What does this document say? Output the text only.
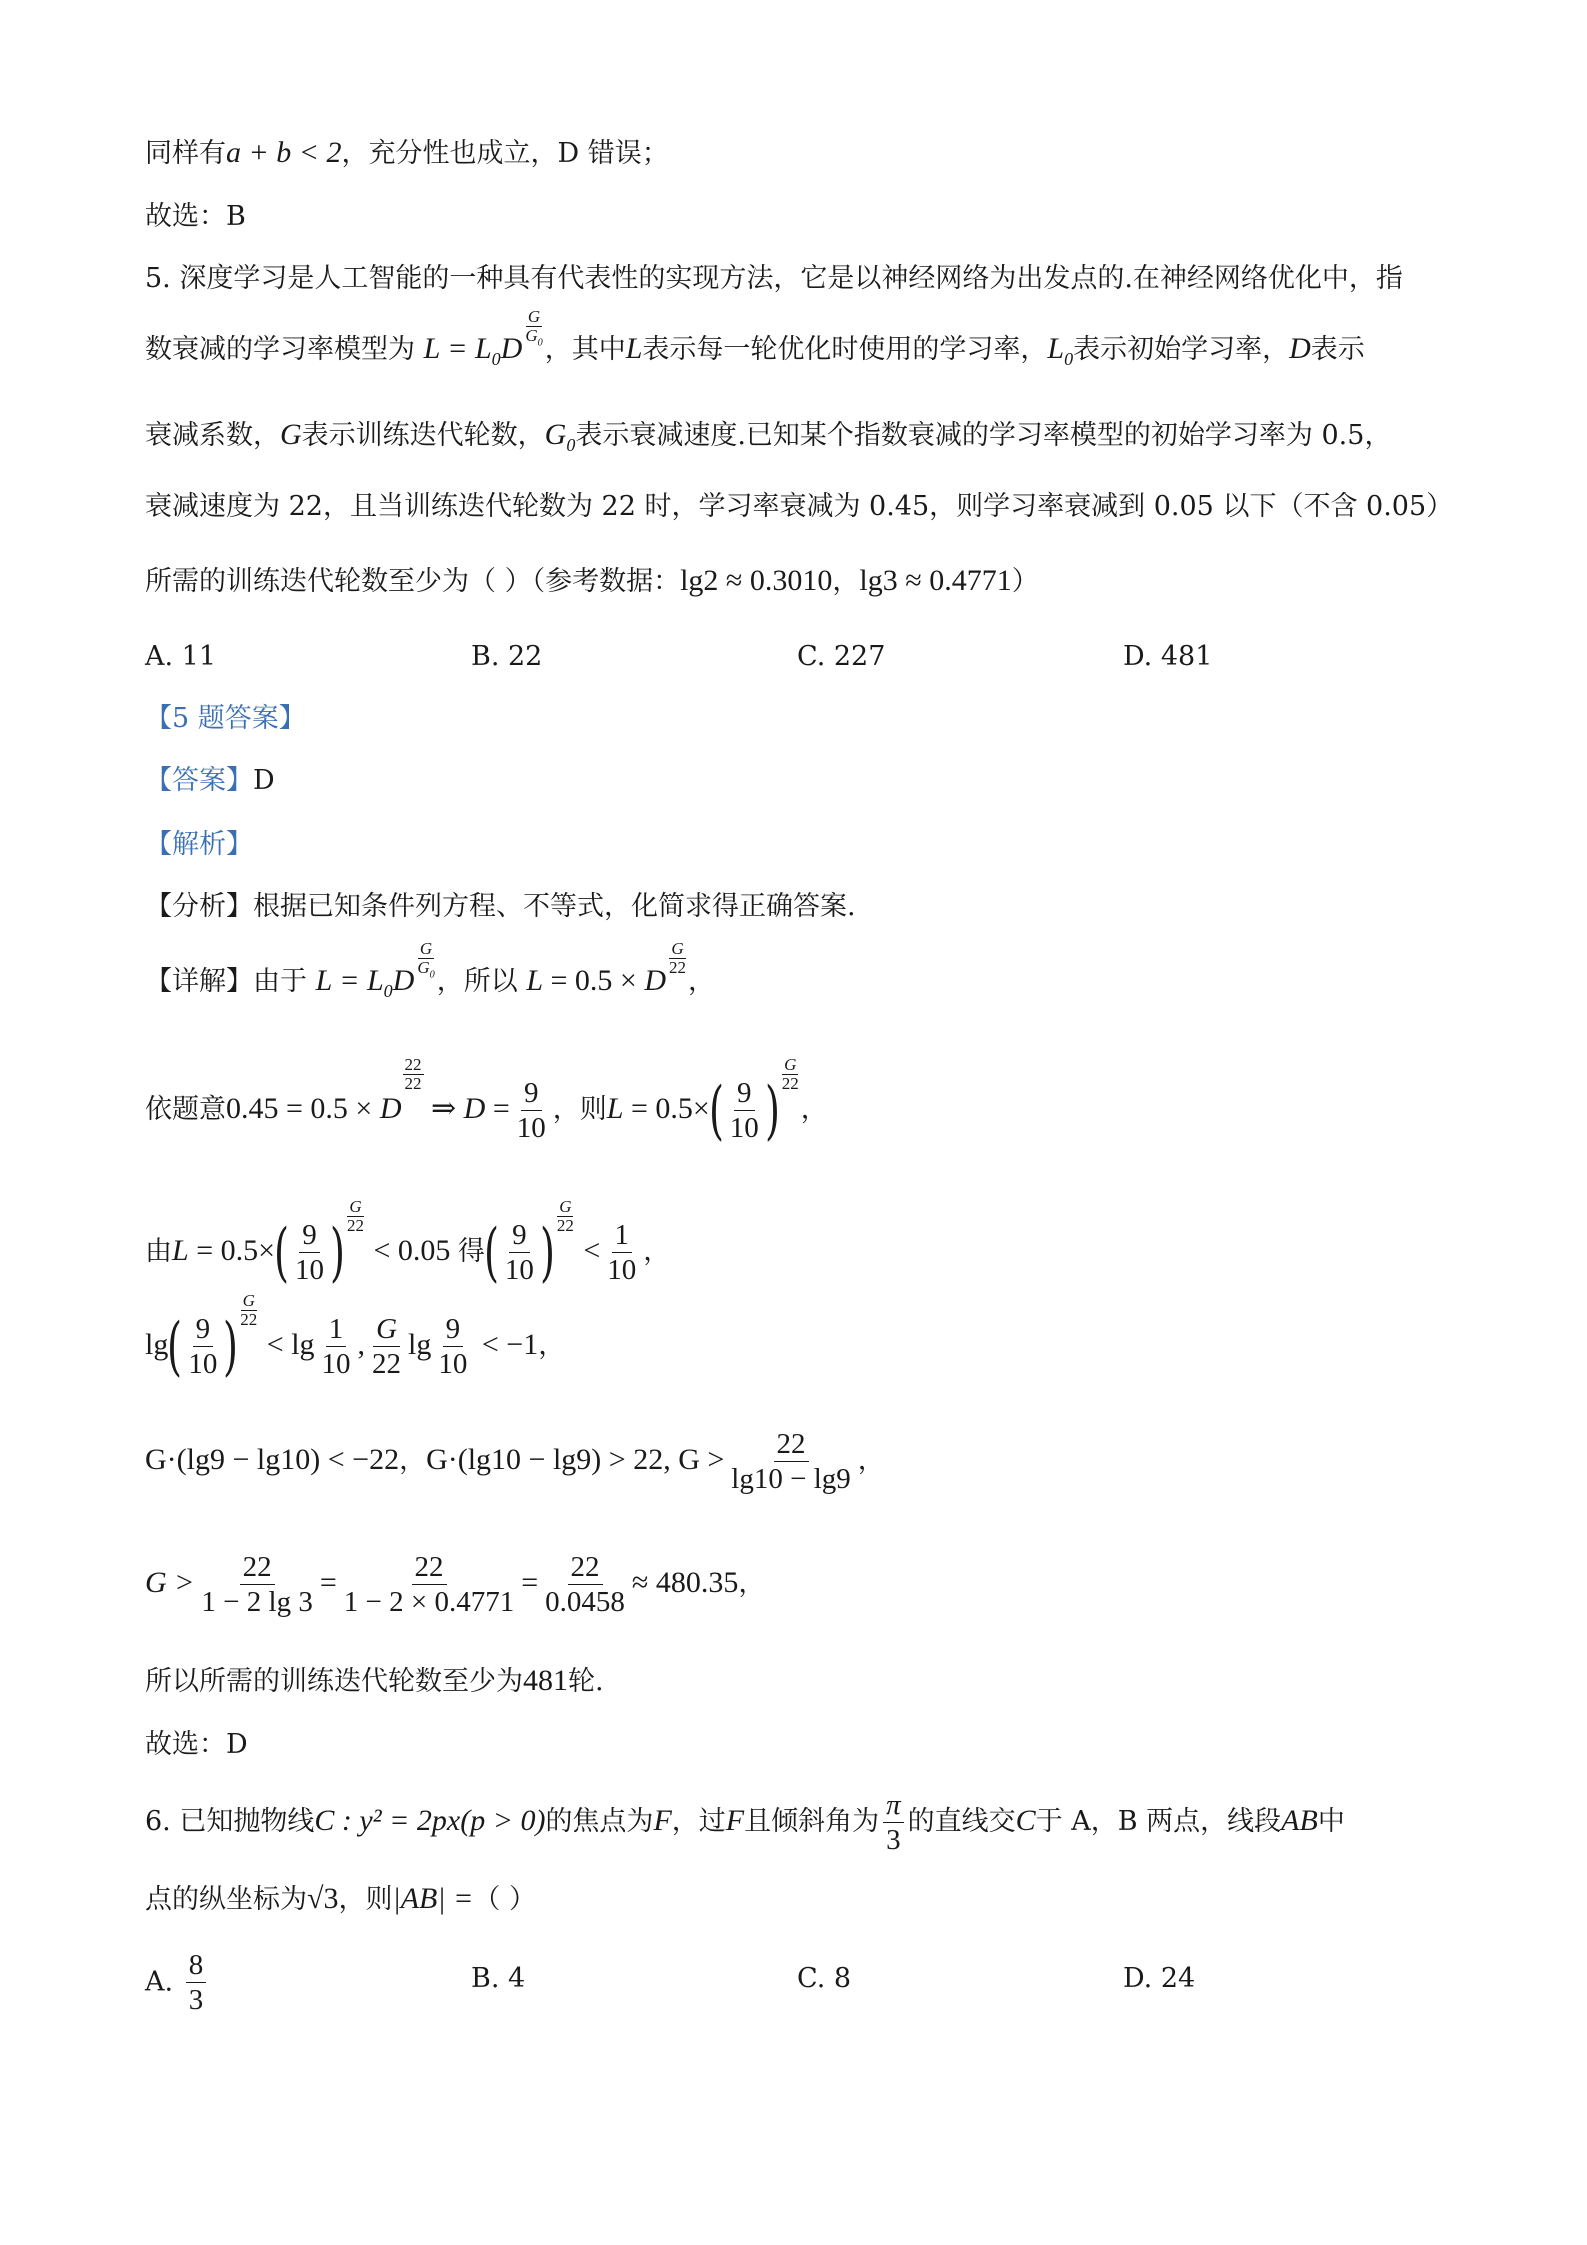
同样有a + b < 2，充分性也成立，D 错误；
故选：B
5. 深度学习是人工智能的一种具有代表性的实现方法，它是以神经网络为出发点的.在神经网络优化中，指
数衰减的学习率模型为 $L = L_0D$
$\frac{G}{G_0}$
，其中L表示每一轮优化时使用的学习率，$L_0$表示初始学习率，D表示
衰减系数，G表示训练迭代轮数，$G_0$表示衰减速度.已知某个指数衰减的学习率模型的初始学习率为 0.5，
衰减速度为 22，且当训练迭代轮数为 22 时，学习率衰减为 0.45，则学习率衰减到 0.05 以下（不含 0.05）
所需的训练迭代轮数至少为（ ）（参考数据：lg2 ≈ 0.3010，lg3 ≈ 0.4771）
A. 11	B. 22	C. 227	D. 481
【5 题答案】
【答案】D
【解析】
【分析】根据已知条件列方程、不等式，化简求得正确答案.
【详解】由于 $L = L_0D$
$\frac{G}{G_0}$
，所以 L = 0.5 × D
$\frac{G}{22}$
，
依题意0.45 = 0.5 × D
$\frac{22}{22}$
⇒ $D = \frac{9}{10}$ ，则$L = 0.5\times( \frac{9}{10}$ ) $\frac{G}{22}$
，
由$L = 0.5\times( \frac{9}{10}$ ) $\frac{G}{22}$
< 0.05 得( $\frac{9}{10}$ ) $\frac{G}{22}$
< $\frac{1}{10}$ ，
$\lg( \frac{9}{10}$ ) $\frac{G}{22}$
< $\lg \frac{1}{10}$ , $\frac{G}{22}$ $\lg \frac{9}{10} < -1$，
G·(lg9 − lg10) < −22，G·(lg10 − lg9) > 22, $G > \frac{22}{\lg 10 - \lg 9}$ ，
$G > \frac{22}{1 - 2 \lg 3} = \frac{22}{1 - 2 \times 0.4771} = \frac{22}{0.0458} \approx 480.35$，
所以所需的训练迭代轮数至少为481轮.
故选：D
6. 已知抛物线C : y² = 2px(p > 0)的焦点为F，过F且倾斜角为 $\frac{\pi}{3}$ 的直线交C于 A，B 两点，线段AB中
点的纵坐标为√3，则|AB| =（ ）
A. $\frac{8}{3}$	B. 4	C. 8	D. 24
